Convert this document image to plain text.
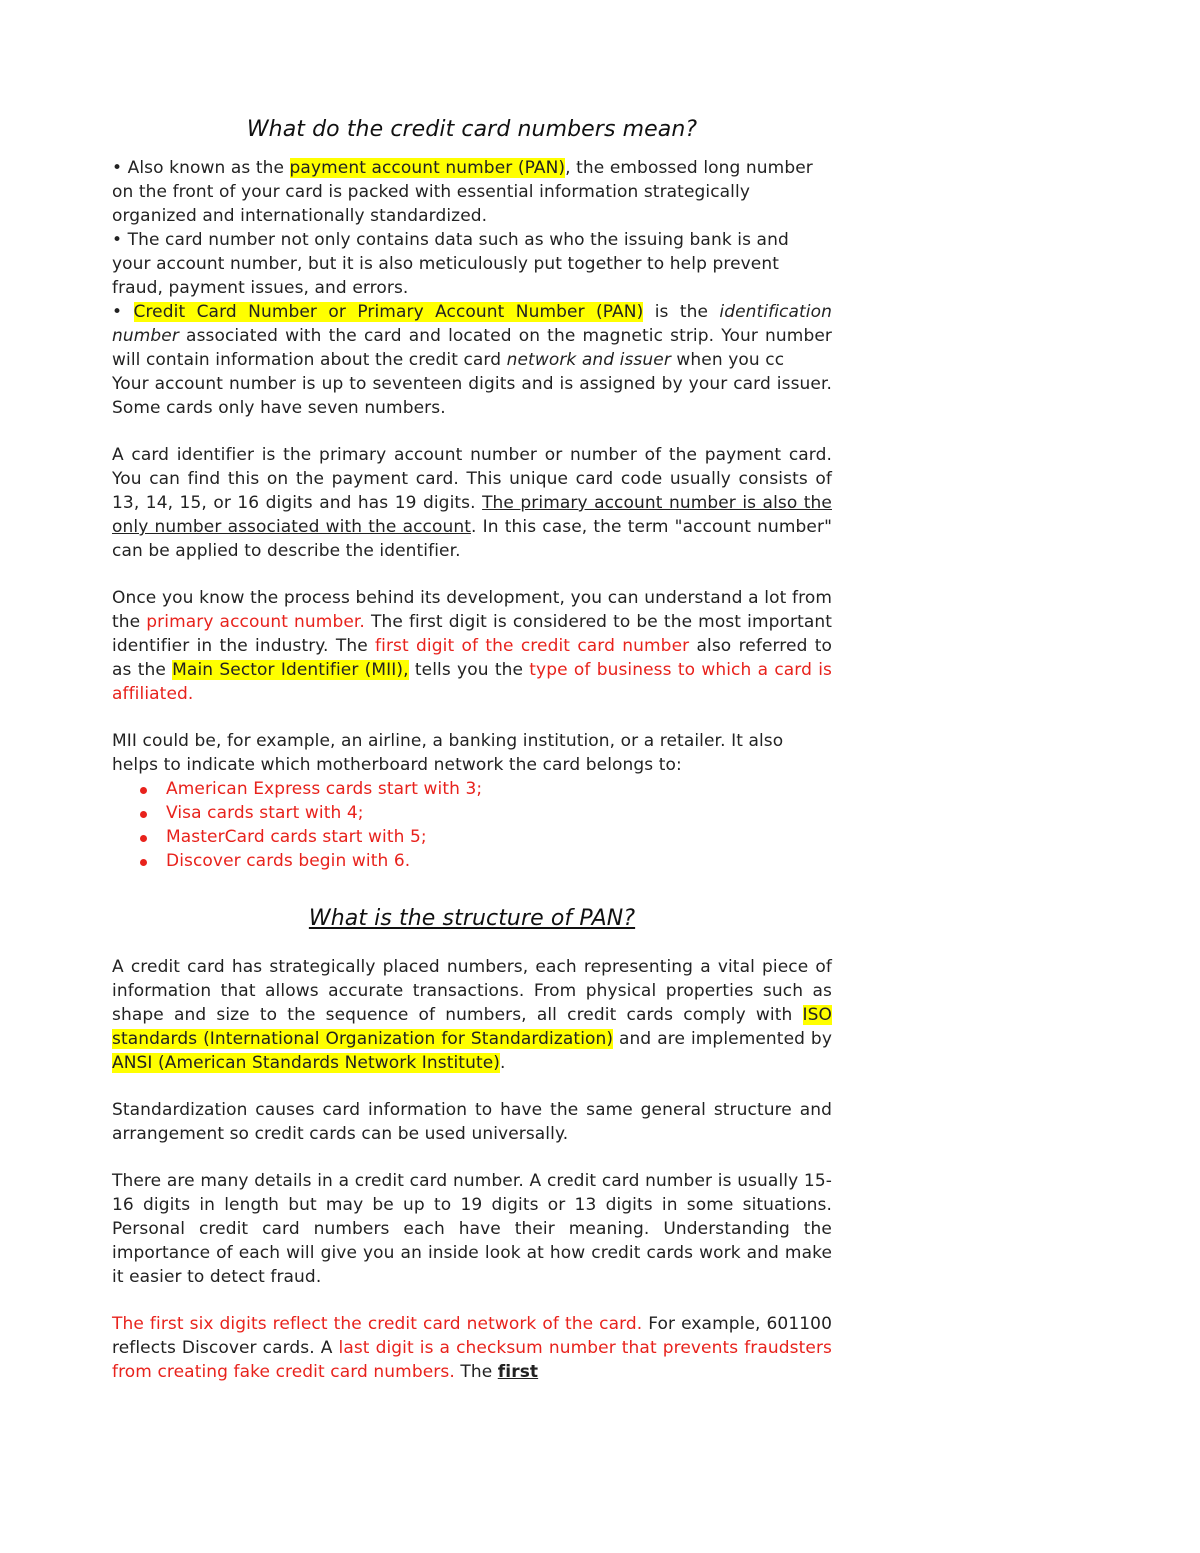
What do the credit card numbers mean?

• Also known as the payment account number (PAN), the embossed long number on the front of your card is packed with essential information strategically organized and internationally standardized.

• The card number not only contains data such as who the issuing bank is and your account number, but it is also meticulously put together to help prevent fraud, payment issues, and errors.

• Credit Card Number or Primary Account Number (PAN) is the identification number associated with the card and located on the magnetic strip. Your number will contain information about the credit card network and issuer when you cc

Your account number is up to seventeen digits and is assigned by your card issuer. Some cards only have seven numbers.

A card identifier is the primary account number or number of the payment card. You can find this on the payment card. This unique card code usually consists of 13, 14, 15, or 16 digits and has 19 digits. The primary account number is also the only number associated with the account. In this case, the term "account number" can be applied to describe the identifier.

Once you know the process behind its development, you can understand a lot from the primary account number. The first digit is considered to be the most important identifier in the industry. The first digit of the credit card number also referred to as the Main Sector Identifier (MII), tells you the type of business to which a card is affiliated.

MII could be, for example, an airline, a banking institution, or a retailer. It also helps to indicate which motherboard network the card belongs to:

American Express cards start with 3;
Visa cards start with 4;
MasterCard cards start with 5;
Discover cards begin with 6.
What is the structure of PAN?

A credit card has strategically placed numbers, each representing a vital piece of information that allows accurate transactions. From physical properties such as shape and size to the sequence of numbers, all credit cards comply with ISO standards (International Organization for Standardization) and are implemented by ANSI (American Standards Network Institute).

Standardization causes card information to have the same general structure and arrangement so credit cards can be used universally.

There are many details in a credit card number. A credit card number is usually 15-16 digits in length but may be up to 19 digits or 13 digits in some situations. Personal credit card numbers each have their meaning. Understanding the importance of each will give you an inside look at how credit cards work and make it easier to detect fraud.

The first six digits reflect the credit card network of the card. For example, 601100 reflects Discover cards. A last digit is a checksum number that prevents fraudsters from creating fake credit card numbers. The first
